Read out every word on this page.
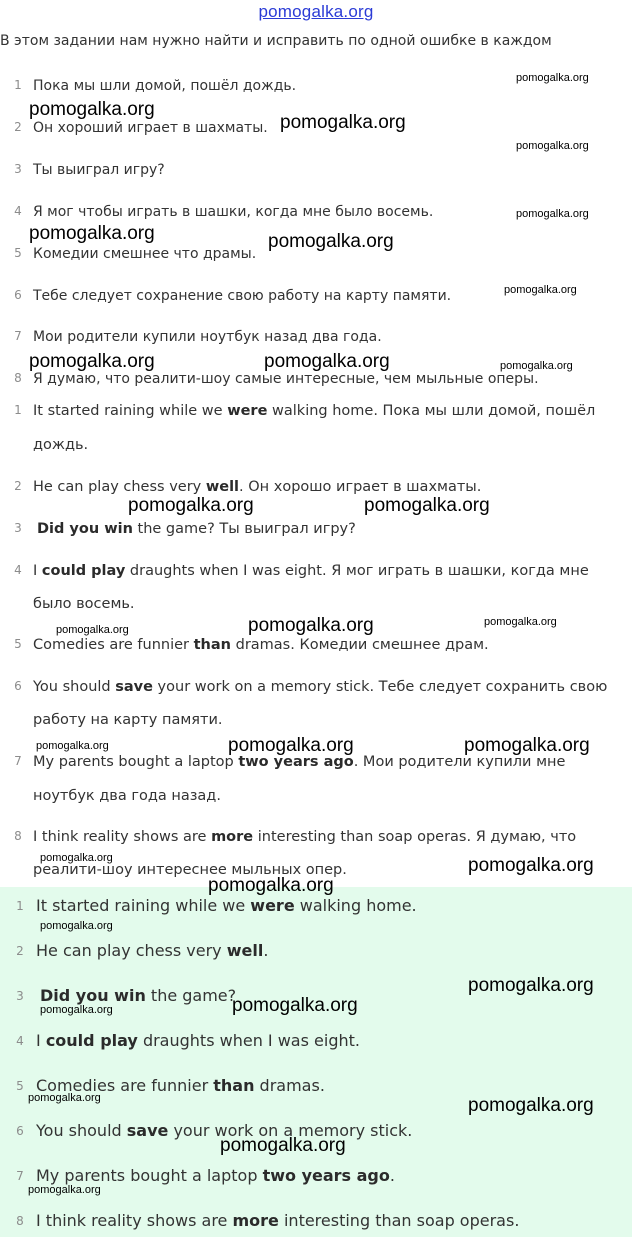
pomogalka.org
В этом задании нам нужно найти и исправить по одной ошибке в каждом
1 Пока мы шли домой, пошёл дождь.
2 Он хороший играет в шахматы.
3 Ты выиграл игру?
4 Я мог чтобы играть в шашки, когда мне было восемь.
5 Комедии смешнее что драмы.
6 Тебе следует сохранение свою работу на карту памяти.
7 Мои родители купили ноутбук назад два года.
8 Я думаю, что реалити-шоу самые интересные, чем мыльные оперы.
1 It started raining while we were walking home. Пока мы шли домой, пошёл
дождь.
2 He can play chess very well. Он хорошо играет в шахматы.
3 Did you win the game? Ты выиграл игру?
4 I could play draughts when I was eight. Я мог играть в шашки, когда мне
было восемь.
5 Comedies are funnier than dramas. Комедии смешнее драм.
6 You should save your work on a memory stick. Тебе следует сохранить свою
работу на карту памяти.
7 My parents bought a laptop two years ago. Мои родители купили мне
ноутбук два года назад.
8 I think reality shows are more interesting than soap operas. Я думаю, что
реалити-шоу интереснее мыльных опер.
1 It started raining while we were walking home.
2 He can play chess very well.
3 Did you win the game?
4 I could play draughts when I was eight.
5 Comedies are funnier than dramas.
6 You should save your work on a memory stick.
7 My parents bought a laptop two years ago.
8 I think reality shows are more interesting than soap operas.
pomogalka.org
pomogalka.org
pomogalka.org
pomogalka.org
pomogalka.org
pomogalka.org	pomogalka.org
pomogalka.org
pomogalka.org	pomogalka.org	pomogalka.org
pomogalka.org	pomogalka.org
pomogalka.org
pomogalka.org
pomogalka.org
pomogalka.org	pomogalka.org	pomogalka.org
pomogalka.org	pomogalka.org
pomogalka.org
pomogalka.org
pomogalka.org
pomogalka.org
pomogalka.org
pomogalka.org	pomogalka.org
pomogalka.org
pomogalka.org
